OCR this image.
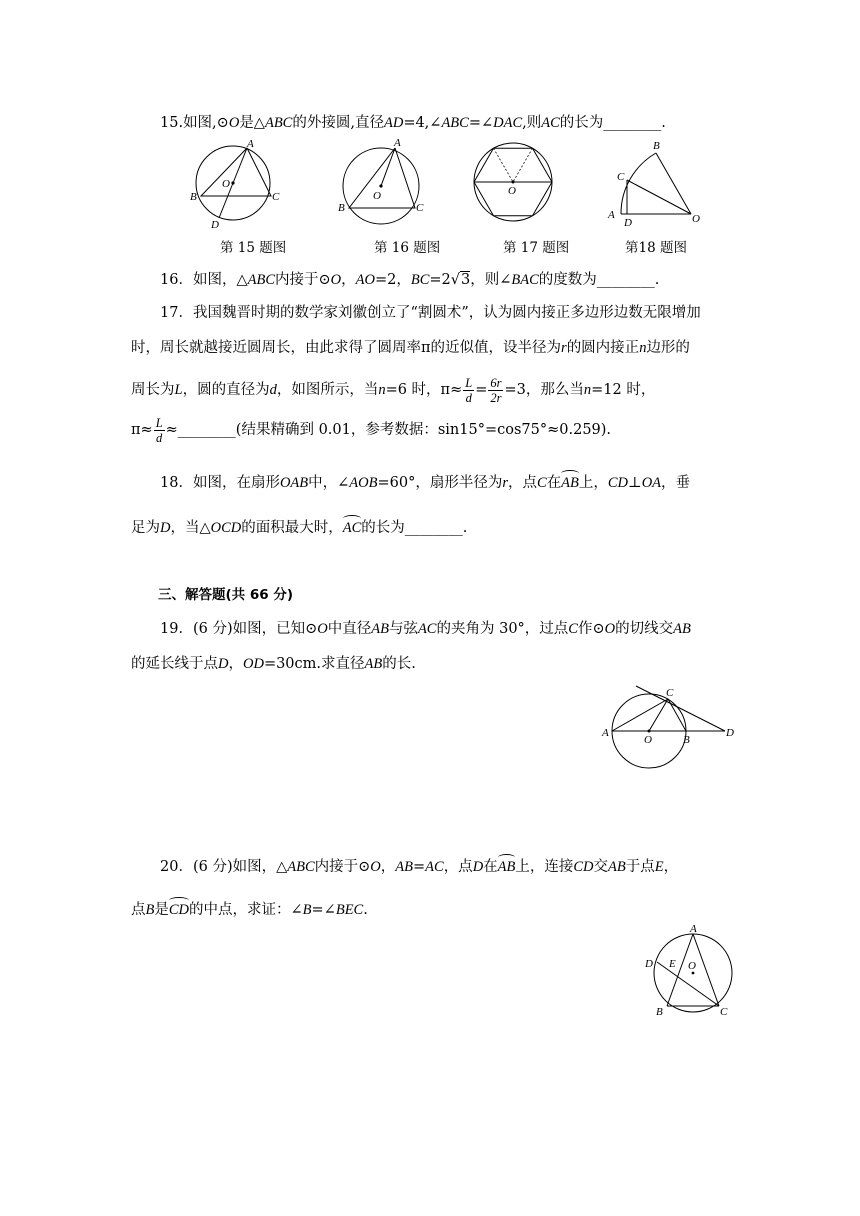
15.如图,⊙O是△ABC的外接圆,直径AD=4,∠ABC=∠DAC,则AC的长为________.
A
O
B	C
D
A
O
B	C
O
B
C
A
D	O
第 15 题图	第 16 题图	第 17 题图	第18 题图
16．如图，△ABC内接于⊙O，AO=2，BC=2√3，则∠BAC的度数为________.
17．我国魏晋时期的数学家刘徽创立了“割圆术”，认为圆内接正多边形边数无限增加
时，周长就越接近圆周长，由此求得了圆周率π的近似值，设半径为r的圆内接正n边形的
周长为L，圆的直径为d，如图所示，当n=6 时，$\pi\approx \frac{L}{d} = \frac{6r}{2r} =3$，那么当n=12 时，
$\pi\approx \frac{L}{d}$ ≈________(结果精确到 0.01，参考数据：sin15°=cos75°≈0.259).
18．如图，在扇形OAB中，∠AOB=60°，扇形半径为r，点C在AB上，CD⊥OA，垂
足为D，当△OCD的面积最大时，AC的长为________.
三、解答题(共 66 分)
19．(6 分)如图，已知⊙O中直径AB与弦AC的夹角为 30°，过点C作⊙O的切线交AB
的延长线于点D，OD=30cm.求直径AB的长.
C
A
O	B
D
20．(6 分)如图，△ABC内接于⊙O，AB=AC，点D在AB上，连接CD交AB于点E，
点B是CD的中点，求证：∠B=∠BEC.
A
D E O
B	C
